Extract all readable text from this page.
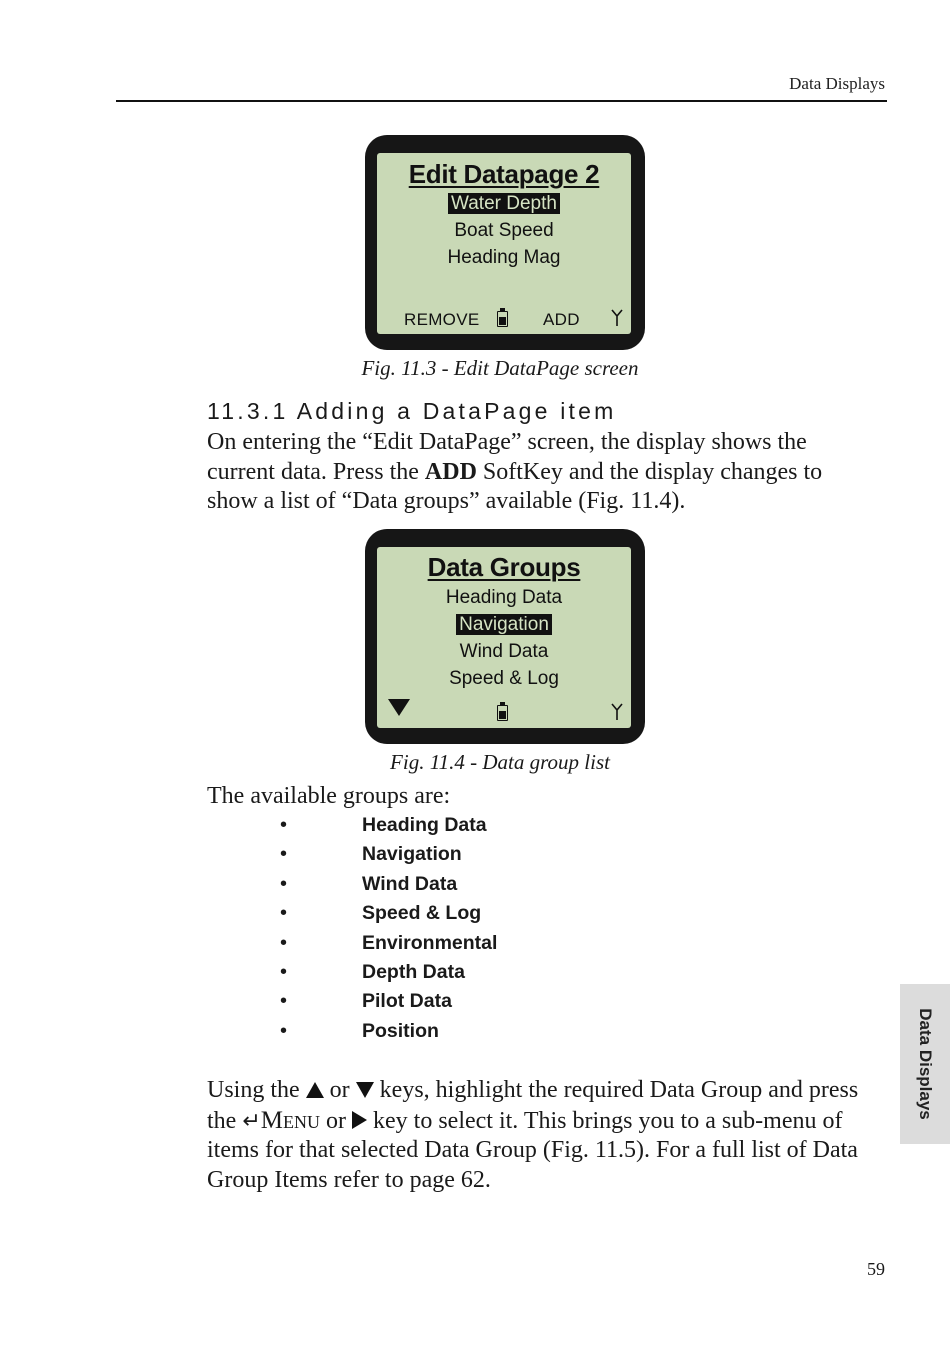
Data Displays
Edit Datapage 2
Water Depth
Boat Speed
Heading Mag
REMOVE	ADD
Fig. 11.3 - Edit DataPage screen
11.3.1 Adding a DataPage item
On entering the “Edit DataPage” screen, the display shows the current data. Press the ADD SoftKey and the display changes to show a list of “Data groups” available (Fig. 11.4).
Data Groups
Heading Data
Navigation
Wind Data
Speed & Log
Fig. 11.4 - Data group list
The available groups are:
•	Heading Data
•	Navigation
•	Wind Data
•	Speed & Log
•	Environmental
•	Depth Data
•	Pilot Data
•	Position
Using the  or  keys, highlight the required Data Group and press the ↵Menu or  key to select it. This brings you to a sub-menu of items for that selected Data Group (Fig. 11.5). For a full list of Data Group Items refer to page 62.
Data Displays
59
